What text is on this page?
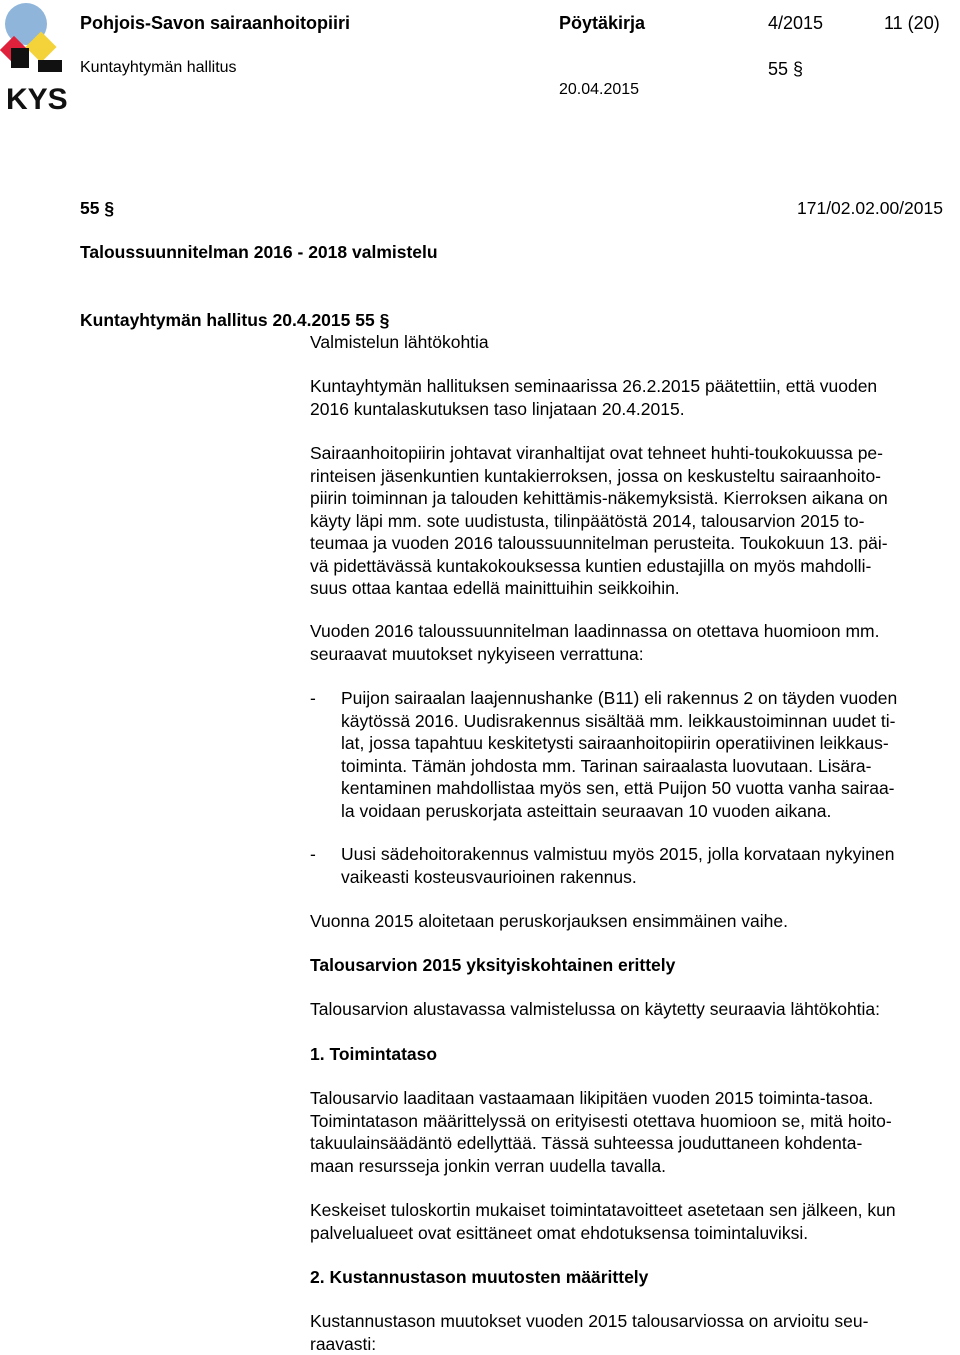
KYS
Pohjois-Savon sairaanhoitopiiri	Pöytäkirja	4/2015	11 (20)
Kuntayhtymän hallitus	55 §
20.04.2015
55 §	171/02.02.00/2015
Taloussuunnitelman 2016 - 2018 valmistelu
Kuntayhtymän hallitus 20.4.2015 55 §
Valmistelun lähtökohtia
Kuntayhtymän hallituksen seminaarissa 26.2.2015 päätettiin, että vuoden
2016 kuntalaskutuksen taso linjataan 20.4.2015.
Sairaanhoitopiirin johtavat viranhaltijat ovat tehneet huhti-toukokuussa pe-
rinteisen jäsenkuntien kuntakierroksen, jossa on keskusteltu sairaanhoito-
piirin toiminnan ja talouden kehittämis-näkemyksistä. Kierroksen aikana on
käyty läpi mm. sote uudistusta, tilinpäätöstä 2014, talousarvion 2015 to-
teumaa ja vuoden 2016 taloussuunnitelman perusteita. Toukokuun 13. päi-
vä pidettävässä kuntakokouksessa kuntien edustajilla on myös mahdolli-
suus ottaa kantaa edellä mainittuihin seikkoihin.
Vuoden 2016 taloussuunnitelman laadinnassa on otettava huomioon mm.
seuraavat muutokset nykyiseen verrattuna:
- Puijon sairaalan laajennushanke (B11) eli rakennus 2 on täyden vuoden
käytössä 2016. Uudisrakennus sisältää mm. leikkaustoiminnan uudet ti-
lat, jossa tapahtuu keskitetysti sairaanhoitopiirin operatiivinen leikkaus-
toiminta. Tämän johdosta mm. Tarinan sairaalasta luovutaan. Lisära-
kentaminen mahdollistaa myös sen, että Puijon 50 vuotta vanha sairaa-
la voidaan peruskorjata asteittain seuraavan 10 vuoden aikana.
- Uusi sädehoitorakennus valmistuu myös 2015, jolla korvataan nykyinen
vaikeasti kosteusvaurioinen rakennus.
Vuonna 2015 aloitetaan peruskorjauksen ensimmäinen vaihe.
Talousarvion 2015 yksityiskohtainen erittely
Talousarvion alustavassa valmistelussa on käytetty seuraavia lähtökohtia:
1. Toimintataso
Talousarvio laaditaan vastaamaan likipitäen vuoden 2015 toiminta-tasoa.
Toimintatason määrittelyssä on erityisesti otettava huomioon se, mitä hoito-
takuulainsäädäntö edellyttää. Tässä suhteessa jouduttaneen kohdenta-
maan resursseja jonkin verran uudella tavalla.
Keskeiset tuloskortin mukaiset toimintatavoitteet asetetaan sen jälkeen, kun
palvelualueet ovat esittäneet omat ehdotuksensa toimintaluviksi.
2. Kustannustason muutosten määrittely
Kustannustason muutokset vuoden 2015 talousarviossa on arvioitu seu-
raavasti:
